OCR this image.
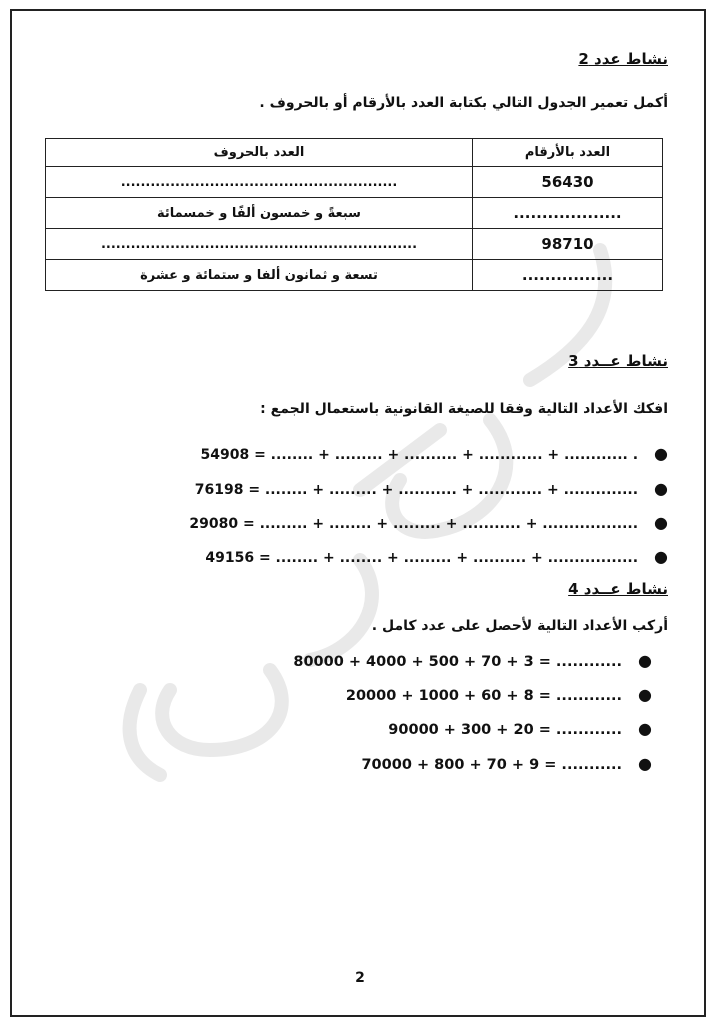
نشاط عدد 2
أكمل تعمير الجدول التالي بكتابة العدد بالأرقام أو بالحروف .
العدد بالأرقام	العدد بالحروف
56430	........................................................
...................	سبعةً و خمسون ألفًا و خمسمائة
98710	................................................................
................	تسعة و ثمانون ألفا و ستمائة و عشرة
نشاط عــدد 3
افكك الأعداد التالية وفقا للصيغة القانونية باستعمال الجمع :
54908 = ........ + ......... + .......... + ............ + ............ . ●
76198 = ........ + ......... + ........... + ............ + .............. ●
29080 = ......... + ........ + ......... + ........... + .................. ●
49156 = ........ + ........ + ......... + .......... + ................. ●
نشاط عــدد 4
أركب الأعداد التالية لأحصل على عدد كامل .
80000 + 4000 + 500 + 70 + 3 = ............ ●
20000 + 1000 + 60 + 8 = ............ ●
90000 + 300 + 20 = ............ ●
70000 + 800 + 70 + 9 = ........... ●
2
